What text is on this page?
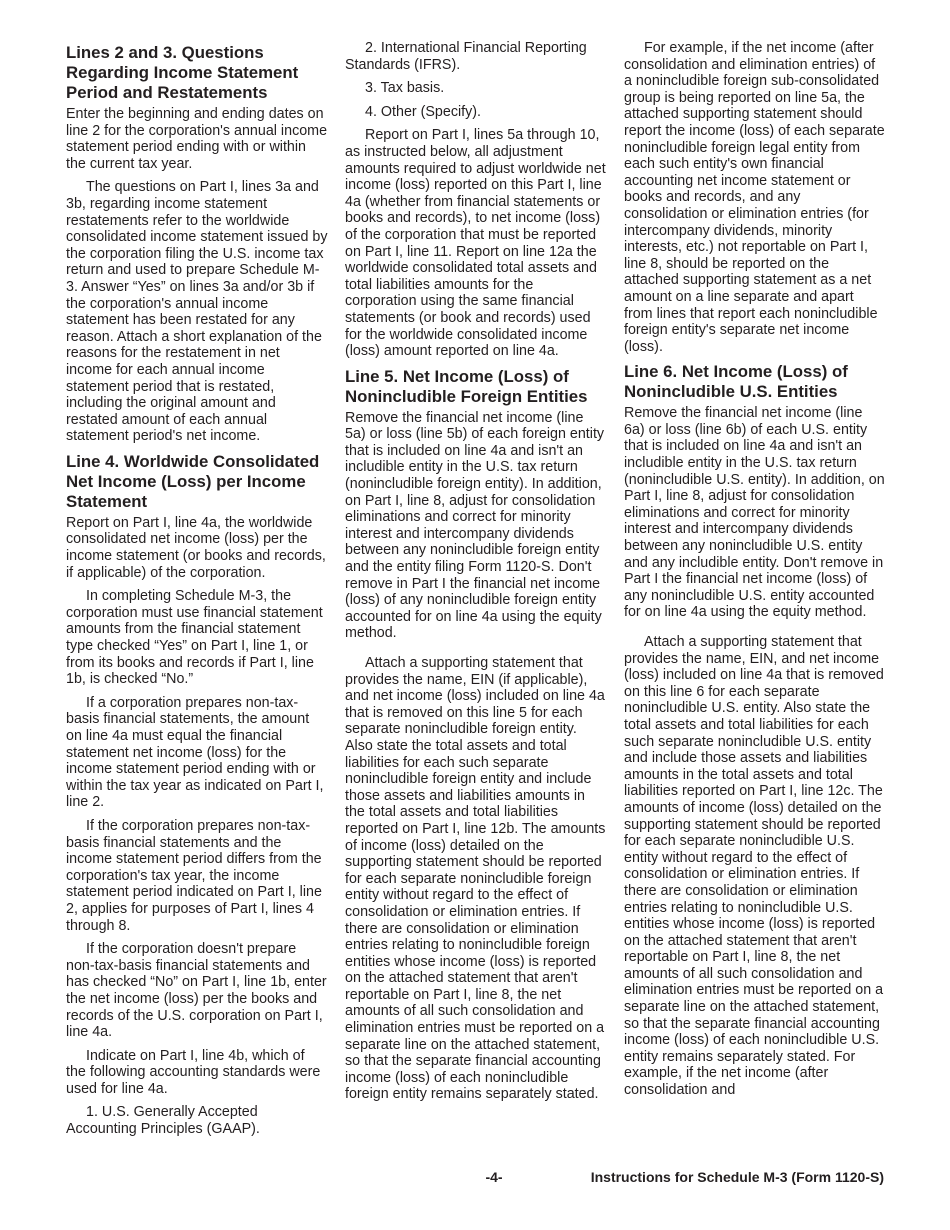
Lines 2 and 3. Questions Regarding Income Statement Period and Restatements

Enter the beginning and ending dates on line 2 for the corporation's annual income statement period ending with or within the current tax year.

The questions on Part I, lines 3a and 3b, regarding income statement restatements refer to the worldwide consolidated income statement issued by the corporation filing the U.S. income tax return and used to prepare Schedule M-3. Answer “Yes” on lines 3a and/or 3b if the corporation's annual income statement has been restated for any reason. Attach a short explanation of the reasons for the restatement in net income for each annual income statement period that is restated, including the original amount and restated amount of each annual statement period's net income.

Line 4. Worldwide Consolidated Net Income (Loss) per Income Statement

Report on Part I, line 4a, the worldwide consolidated net income (loss) per the income statement (or books and records, if applicable) of the corporation.

In completing Schedule M-3, the corporation must use financial statement amounts from the financial statement type checked “Yes” on Part I, line 1, or from its books and records if Part I, line 1b, is checked “No.”

If a corporation prepares non-tax-basis financial statements, the amount on line 4a must equal the financial statement net income (loss) for the income statement period ending with or within the tax year as indicated on Part I, line 2.

If the corporation prepares non-tax-basis financial statements and the income statement period differs from the corporation's tax year, the income statement period indicated on Part I, line 2, applies for purposes of Part I, lines 4 through 8.

If the corporation doesn't prepare non-tax-basis financial statements and has checked “No” on Part I, line 1b, enter the net income (loss) per the books and records of the U.S. corporation on Part I, line 4a.

Indicate on Part I, line 4b, which of the following accounting standards were used for line 4a.

1. U.S. Generally Accepted Accounting Principles (GAAP).

2. International Financial Reporting Standards (IFRS).

3. Tax basis.

4. Other (Specify).

Report on Part I, lines 5a through 10, as instructed below, all adjustment amounts required to adjust worldwide net income (loss) reported on this Part I, line 4a (whether from financial statements or books and records), to net income (loss) of the corporation that must be reported on Part I, line 11. Report on line 12a the worldwide consolidated total assets and total liabilities amounts for the corporation using the same financial statements (or book and records) used for the worldwide consolidated income (loss) amount reported on line 4a.

Line 5. Net Income (Loss) of Nonincludible Foreign Entities

Remove the financial net income (line 5a) or loss (line 5b) of each foreign entity that is included on line 4a and isn't an includible entity in the U.S. tax return (nonincludible foreign entity). In addition, on Part I, line 8, adjust for consolidation eliminations and correct for minority interest and intercompany dividends between any nonincludible foreign entity and the entity filing Form 1120-S. Don't remove in Part I the financial net income (loss) of any nonincludible foreign entity accounted for on line 4a using the equity method.

Attach a supporting statement that provides the name, EIN (if applicable), and net income (loss) included on line 4a that is removed on this line 5 for each separate nonincludible foreign entity. Also state the total assets and total liabilities for each such separate nonincludible foreign entity and include those assets and liabilities amounts in the total assets and total liabilities reported on Part I, line 12b. The amounts of income (loss) detailed on the supporting statement should be reported for each separate nonincludible foreign entity without regard to the effect of consolidation or elimination entries. If there are consolidation or elimination entries relating to nonincludible foreign entities whose income (loss) is reported on the attached statement that aren't reportable on Part I, line 8, the net amounts of all such consolidation and elimination entries must be reported on a separate line on the attached statement, so that the separate financial accounting income (loss) of each nonincludible foreign entity remains separately stated.

For example, if the net income (after consolidation and elimination entries) of a nonincludible foreign sub-consolidated group is being reported on line 5a, the attached supporting statement should report the income (loss) of each separate nonincludible foreign legal entity from each such entity's own financial accounting net income statement or books and records, and any consolidation or elimination entries (for intercompany dividends, minority interests, etc.) not reportable on Part I, line 8, should be reported on the attached supporting statement as a net amount on a line separate and apart from lines that report each nonincludible foreign entity's separate net income (loss).

Line 6. Net Income (Loss) of Nonincludible U.S. Entities

Remove the financial net income (line 6a) or loss (line 6b) of each U.S. entity that is included on line 4a and isn't an includible entity in the U.S. tax return (nonincludible U.S. entity). In addition, on Part I, line 8, adjust for consolidation eliminations and correct for minority interest and intercompany dividends between any nonincludible U.S. entity and any includible entity. Don't remove in Part I the financial net income (loss) of any nonincludible U.S. entity accounted for on line 4a using the equity method.

Attach a supporting statement that provides the name, EIN, and net income (loss) included on line 4a that is removed on this line 6 for each separate nonincludible U.S. entity. Also state the total assets and total liabilities for each such separate nonincludible U.S. entity and include those assets and liabilities amounts in the total assets and total liabilities reported on Part I, line 12c. The amounts of income (loss) detailed on the supporting statement should be reported for each separate nonincludible U.S. entity without regard to the effect of consolidation or elimination entries. If there are consolidation or elimination entries relating to nonincludible U.S. entities whose income (loss) is reported on the attached statement that aren't reportable on Part I, line 8, the net amounts of all such consolidation and elimination entries must be reported on a separate line on the attached statement, so that the separate financial accounting income (loss) of each nonincludible U.S. entity remains separately stated. For example, if the net income (after consolidation and

-4-	Instructions for Schedule M-3 (Form 1120-S)
